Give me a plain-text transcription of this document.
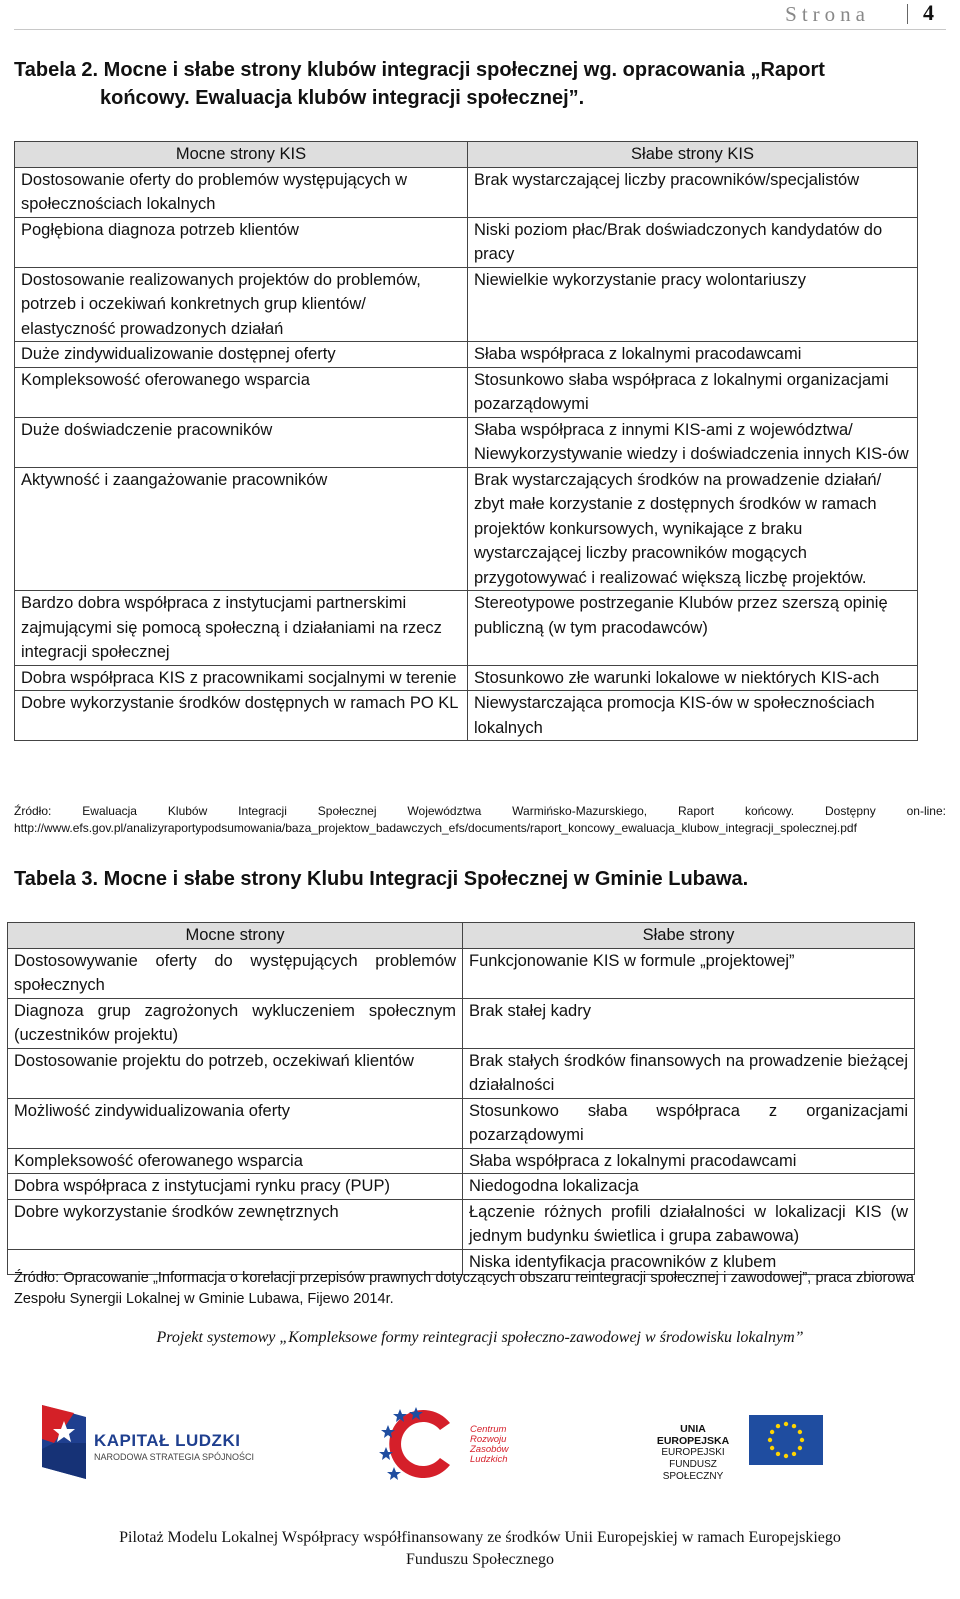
Strona 4
Tabela 2. Mocne i słabe strony klubów integracji społecznej wg. opracowania „Raport
końcowy. Ewaluacja klubów integracji społecznej”.
Mocne strony KIS	Słabe strony KIS
Dostosowanie oferty do problemów występujących w społecznościach lokalnych	Brak wystarczającej liczby pracowników/specjalistów
Pogłębiona diagnoza potrzeb klientów	Niski poziom płac/Brak doświadczonych kandydatów do pracy
Dostosowanie realizowanych projektów do problemów, potrzeb i oczekiwań konkretnych grup klientów/ elastyczność prowadzonych działań	Niewielkie wykorzystanie pracy wolontariuszy
Duże zindywidualizowanie dostępnej oferty	Słaba współpraca z lokalnymi pracodawcami
Kompleksowość oferowanego wsparcia	Stosunkowo słaba współpraca z lokalnymi organizacjami pozarządowymi
Duże doświadczenie pracowników	Słaba współpraca z innymi KIS-ami z województwa/ Niewykorzystywanie wiedzy i doświadczenia innych KIS-ów
Aktywność i zaangażowanie pracowników	Brak wystarczających środków na prowadzenie działań/ zbyt małe korzystanie z dostępnych środków w ramach projektów konkursowych, wynikające z braku wystarczającej liczby pracowników mogących przygotowywać i realizować większą liczbę projektów.
Bardzo dobra współpraca z instytucjami partnerskimi zajmującymi się pomocą społeczną i działaniami na rzecz integracji społecznej	Stereotypowe postrzeganie Klubów przez szerszą opinię publiczną (w tym pracodawców)
Dobra współpraca KIS z pracownikami socjalnymi w terenie	Stosunkowo złe warunki lokalowe w niektórych KIS-ach
Dobre wykorzystanie środków dostępnych w ramach PO KL	Niewystarczająca promocja KIS-ów w społecznościach lokalnych
Źródło: Ewaluacja Klubów Integracji Społecznej Województwa Warmińsko-Mazurskiego, Raport końcowy. Dostępny on-line:
http://www.efs.gov.pl/analizyraportypodsumowania/baza_projektow_badawczych_efs/documents/raport_koncowy_ewaluacja_klubow_integracji_spolecznej.pdf
Tabela 3. Mocne i słabe strony Klubu Integracji Społecznej w Gminie Lubawa.
Mocne strony	Słabe strony
Dostosowywanie oferty do występujących problemów społecznych	Funkcjonowanie KIS w formule „projektowej”
Diagnoza grup zagrożonych wykluczeniem społecznym (uczestników projektu)	Brak stałej kadry
Dostosowanie projektu do potrzeb, oczekiwań klientów	Brak stałych środków finansowych na prowadzenie bieżącej działalności
Możliwość zindywidualizowania oferty	Stosunkowo słaba współpraca z organizacjami pozarządowymi
Kompleksowość oferowanego wsparcia	Słaba współpraca z lokalnymi pracodawcami
Dobra współpraca z instytucjami rynku pracy (PUP)	Niedogodna lokalizacja
Dobre wykorzystanie środków zewnętrznych	Łączenie różnych profili działalności w lokalizacji KIS (w jednym budynku świetlica i grupa zabawowa)
	Niska identyfikacja pracowników z klubem
Źródło: Opracowanie „Informacja o korelacji przepisów prawnych dotyczących obszaru reintegracji społecznej i zawodowej”, praca zbiorowa Zespołu Synergii Lokalnej w Gminie Lubawa, Fijewo 2014r.
Projekt systemowy „Kompleksowe formy reintegracji społeczno-zawodowej w środowisku lokalnym”
KAPITAŁ LUDZKI
NARODOWA STRATEGIA SPÓJNOŚCI
Centrum
Rozwoju
Zasobów
Ludzkich
UNIA EUROPEJSKA
EUROPEJSKI
FUNDUSZ SPOŁECZNY
Pilotaż Modelu Lokalnej Współpracy współfinansowany ze środków Unii Europejskiej w ramach Europejskiego
Funduszu Społecznego
